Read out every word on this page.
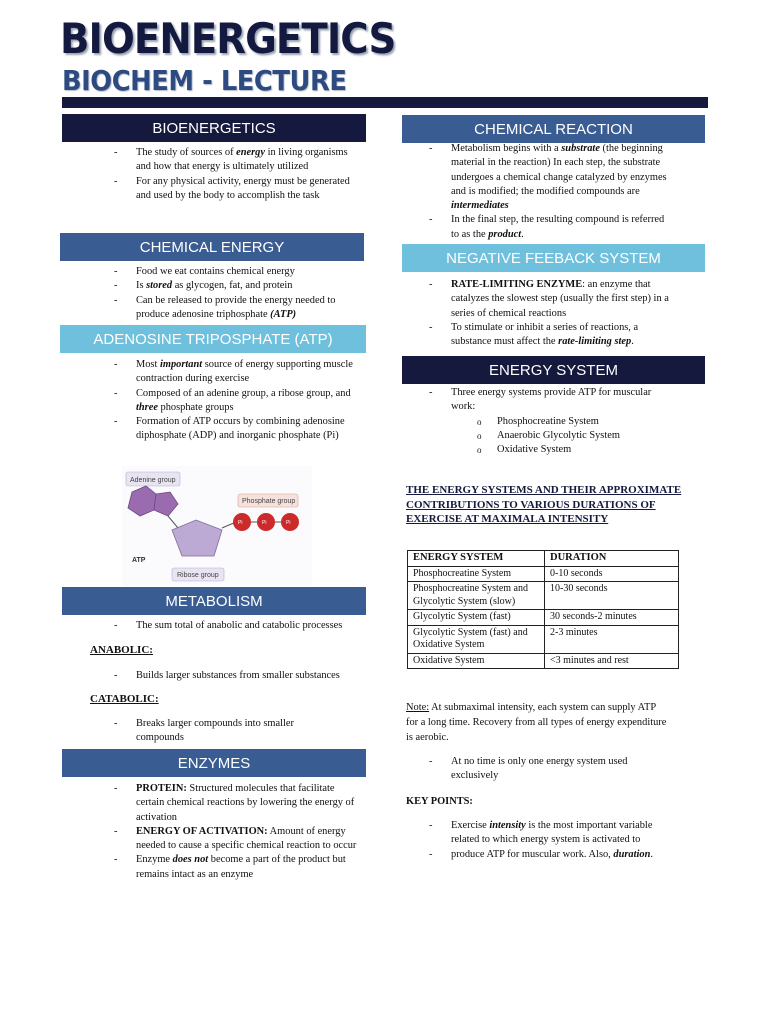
BIOENERGETICS
BIOCHEM - LECTURE
BIOENERGETICS
- The study of sources of energy in living organisms and how that energy is ultimately utilized
- For any physical activity, energy must be generated and used by the body to accomplish the task
CHEMICAL ENERGY
- Food we eat contains chemical energy
- Is stored as glycogen, fat, and protein
- Can be released to provide the energy needed to produce adenosine triphosphate (ATP)
ADENOSINE TRIPOSPHATE (ATP)
- Most important source of energy supporting muscle contraction during exercise
- Composed of an adenine group, a ribose group, and three phosphate groups
- Formation of ATP occurs by combining adenosine diphosphate (ADP) and inorganic phosphate (Pi)
Adenine group
Phosphate group
Pi	Pi	Pi
ATP
Ribose group
METABOLISM
- The sum total of anabolic and catabolic processes
ANABOLIC:
- Builds larger substances from smaller substances
CATABOLIC:
- Breaks larger compounds into smaller compounds
ENZYMES
- PROTEIN: Structured molecules that facilitate certain chemical reactions by lowering the energy of activation
- ENERGY OF ACTIVATION: Amount of energy needed to cause a specific chemical reaction to occur
- Enzyme does not become a part of the product but remains intact as an enzyme
CHEMICAL REACTION
- Metabolism begins with a substrate (the beginning material in the reaction) In each step, the substrate undergoes a chemical change catalyzed by enzymes and is modified; the modified compounds are intermediates
- In the final step, the resulting compound is referred to as the product.
NEGATIVE FEEBACK SYSTEM
- RATE-LIMITING ENZYME: an enzyme that catalyzes the slowest step (usually the first step) in a series of chemical reactions
- To stimulate or inhibit a series of reactions, a substance must affect the rate-limiting step.
ENERGY SYSTEM
- Three energy systems provide ATP for muscular work:
o Phosphocreatine System
o Anaerobic Glycolytic System
o Oxidative System
THE ENERGY SYSTEMS AND THEIR APPROXIMATE CONTRIBUTIONS TO VARIOUS DURATIONS OF EXERCISE AT MAXIMALA INTENSITY
ENERGY SYSTEM	DURATION
Phosphocreatine System	0-10 seconds
Phosphocreatine System and Glycolytic System (slow)	10-30 seconds
Glycolytic System (fast)	30 seconds-2 minutes
Glycolytic System (fast) and Oxidative System	2-3 minutes
Oxidative System	<3 minutes and rest
Note: At submaximal intensity, each system can supply ATP for a long time. Recovery from all types of energy expenditure is aerobic.
- At no time is only one energy system used exclusively
KEY POINTS:
- Exercise intensity is the most important variable related to which energy system is activated to
- produce ATP for muscular work. Also, duration.
